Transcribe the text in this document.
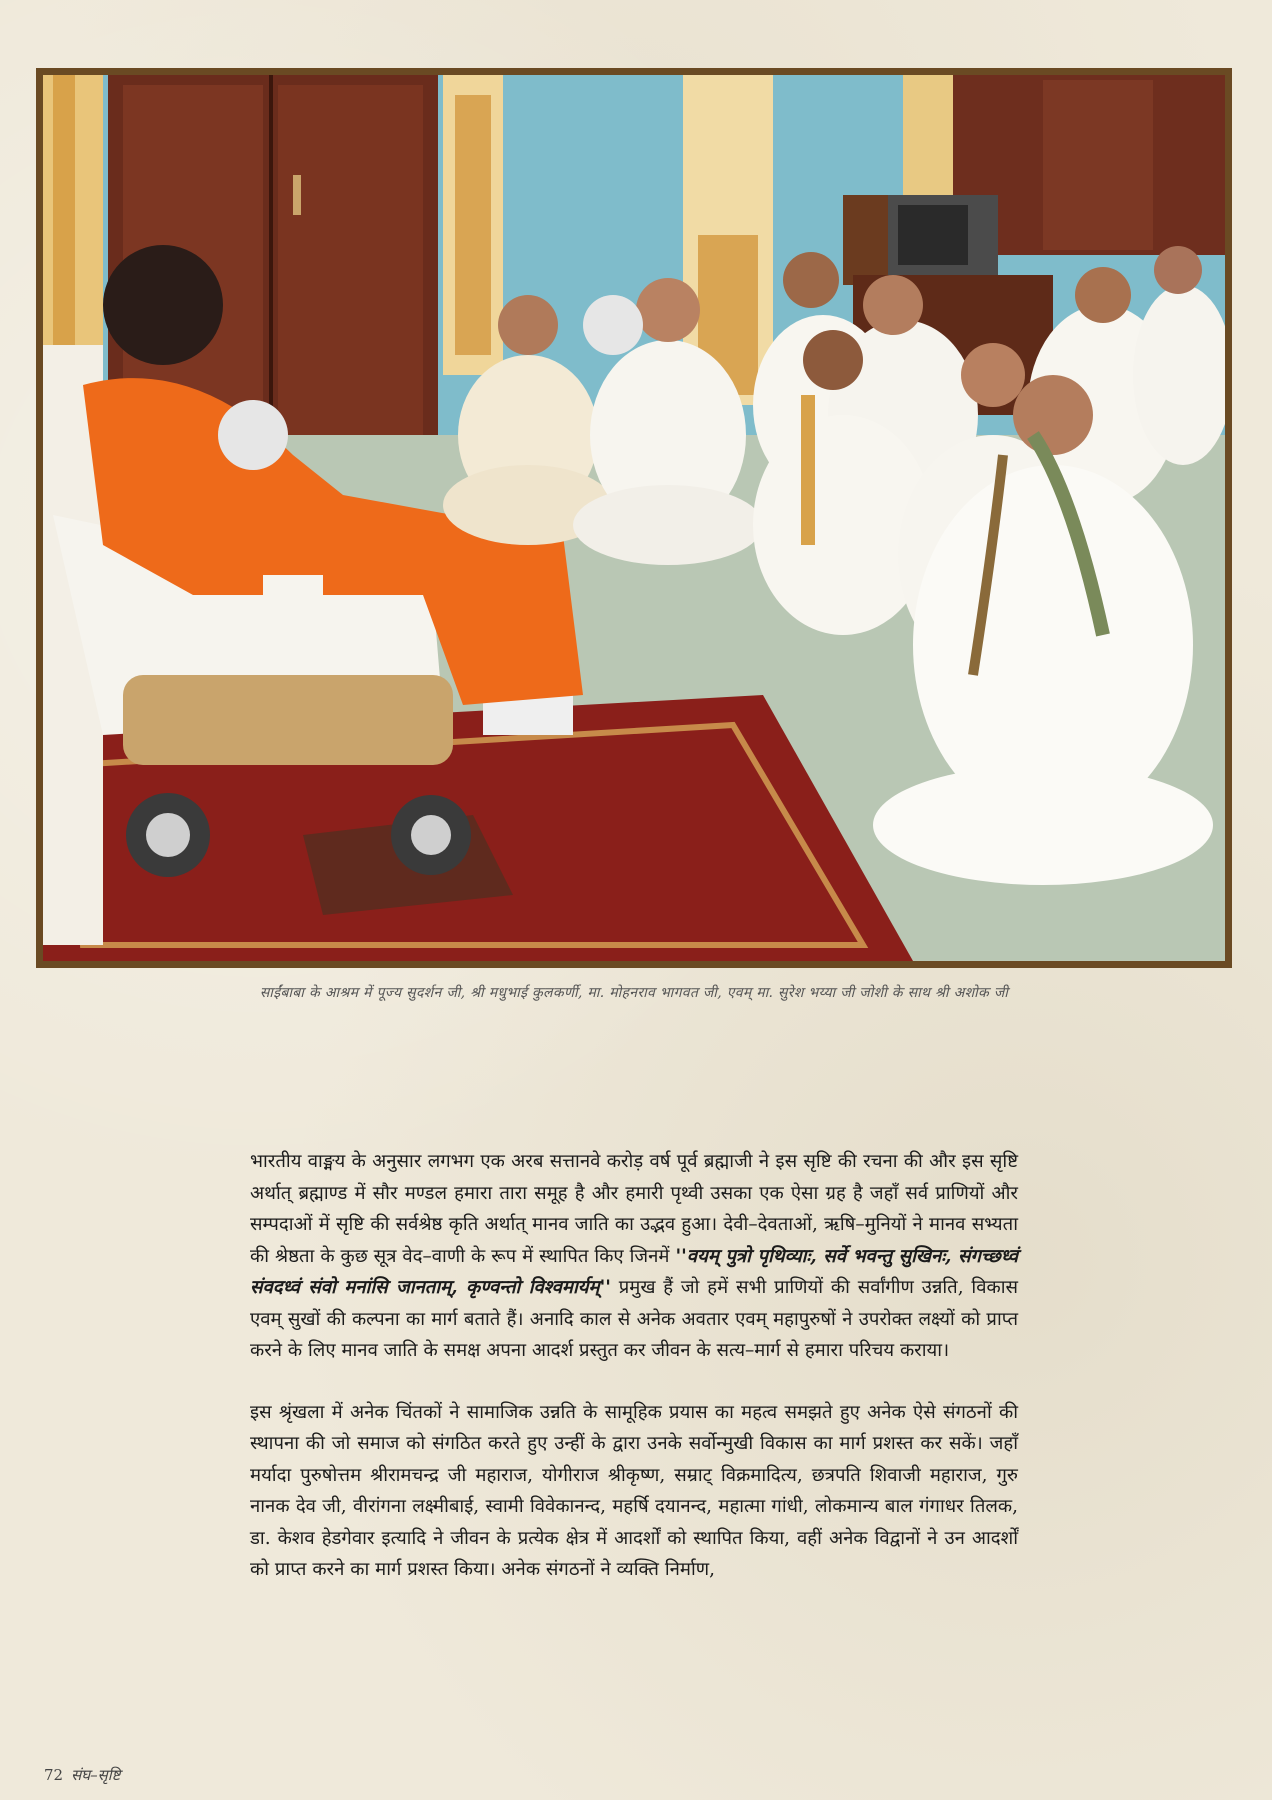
साईंबाबा के आश्रम में पूज्य सुदर्शन जी, श्री मधुभाई कुलकर्णी, मा. मोहनराव भागवत जी, एवम् मा. सुरेश भय्या जी जोशी के साथ श्री अशोक जी

भारतीय वाङ्मय के अनुसार लगभग एक अरब सत्तानवे करोड़ वर्ष पूर्व ब्रह्माजी ने इस सृष्टि की रचना की और इस सृष्टि अर्थात् ब्रह्माण्ड में सौर मण्डल हमारा तारा समूह है और हमारी पृथ्वी उसका एक ऐसा ग्रह है जहाँ सर्व प्राणियों और सम्पदाओं में सृष्टि की सर्वश्रेष्ठ कृति अर्थात् मानव जाति का उद्भव हुआ। देवी–देवताओं, ऋषि–मुनियों ने मानव सभ्यता की श्रेष्ठता के कुछ सूत्र वेद–वाणी के रूप में स्थापित किए जिनमें ''वयम् पुत्रो पृथिव्याः, सर्वे भवन्तु सुखिनः, संगच्छध्वं संवदध्वं संवो मनांसि जानताम्, कृण्वन्तो विश्वमार्यम्'' प्रमुख हैं जो हमें सभी प्राणियों की सर्वांगीण उन्नति, विकास एवम् सुखों की कल्पना का मार्ग बताते हैं। अनादि काल से अनेक अवतार एवम् महापुरुषों ने उपरोक्त लक्ष्यों को प्राप्त करने के लिए मानव जाति के समक्ष अपना आदर्श प्रस्तुत कर जीवन के सत्य–मार्ग से हमारा परिचय कराया।

इस श्रृंखला में अनेक चिंतकों ने सामाजिक उन्नति के सामूहिक प्रयास का महत्व समझते हुए अनेक ऐसे संगठनों की स्थापना की जो समाज को संगठित करते हुए उन्हीं के द्वारा उनके सर्वोन्मुखी विकास का मार्ग प्रशस्त कर सकें। जहाँ मर्यादा पुरुषोत्तम श्रीरामचन्द्र जी महाराज, योगीराज श्रीकृष्ण, सम्राट् विक्रमादित्य, छत्रपति शिवाजी महाराज, गुरु नानक देव जी, वीरांगना लक्ष्मीबाई, स्वामी विवेकानन्द, महर्षि दयानन्द, महात्मा गांधी, लोकमान्य बाल गंगाधर तिलक, डा. केशव हेडगेवार इत्यादि ने जीवन के प्रत्येक क्षेत्र में आदर्शों को स्थापित किया, वहीं अनेक विद्वानों ने उन आदर्शों को प्राप्त करने का मार्ग प्रशस्त किया। अनेक संगठनों ने व्यक्ति निर्माण,

72 संघ–सृष्टि
